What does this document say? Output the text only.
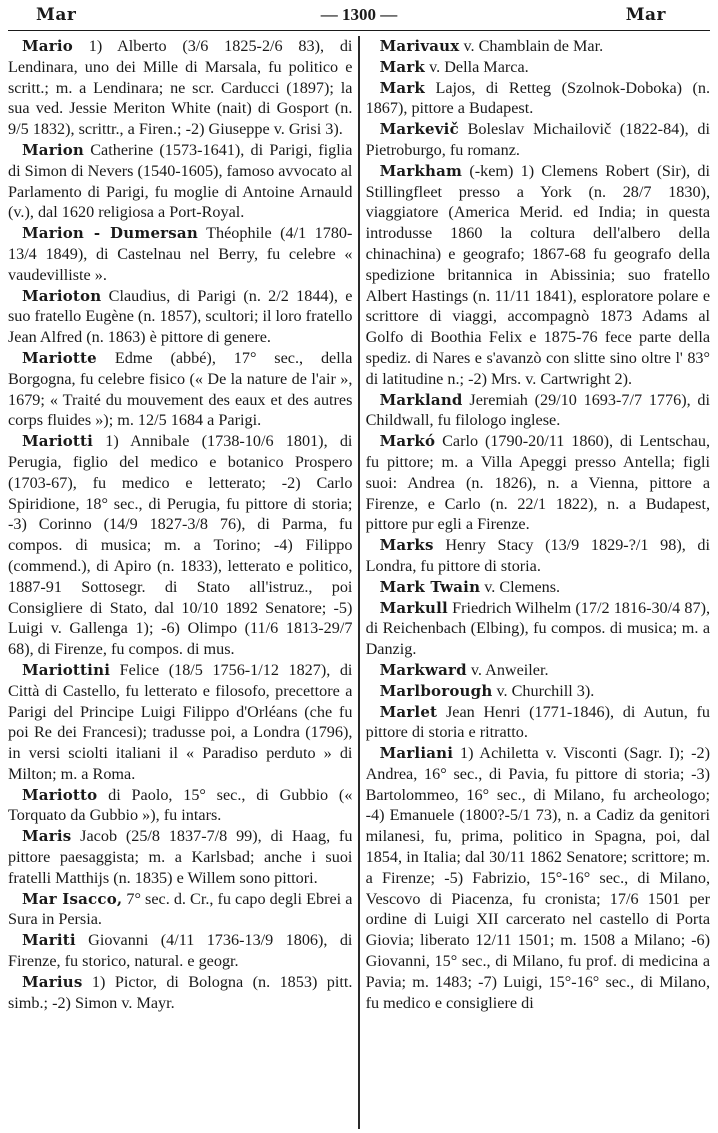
Mar	— 1300 —	Mar

Mario 1) Alberto (3/6 1825-2/6 83), di Lendinara, uno dei Mille di Marsala, fu politico e scritt.; m. a Lendinara; ne scr. Carducci (1897); la sua ved. Jessie Meriton White (nait) di Gosport (n. 9/5 1832), scrittr., a Firen.; -2) Giuseppe v. Grisi 3).

Marion Catherine (1573-1641), di Parigi, figlia di Simon di Nevers (1540-1605), famoso avvocato al Parlamento di Parigi, fu moglie di Antoine Arnauld (v.), dal 1620 religiosa a Port-Royal.

Marion - Dumersan Théophile (4/1 1780-13/4 1849), di Castelnau nel Berry, fu celebre « vaudevilliste ».

Marioton Claudius, di Parigi (n. 2/2 1844), e suo fratello Eugène (n. 1857), scultori; il loro fratello Jean Alfred (n. 1863) è pittore di genere.

Mariotte Edme (abbé), 17° sec., della Borgogna, fu celebre fisico (« De la nature de l'air », 1679; « Traité du mouvement des eaux et des autres corps fluides »); m. 12/5 1684 a Parigi.

Mariotti 1) Annibale (1738-10/6 1801), di Perugia, figlio del medico e botanico Prospero (1703-67), fu medico e letterato; -2) Carlo Spiridione, 18° sec., di Perugia, fu pittore di storia; -3) Corinno (14/9 1827-3/8 76), di Parma, fu compos. di musica; m. a Torino; -4) Filippo (commend.), di Apiro (n. 1833), letterato e politico, 1887-91 Sottosegr. di Stato all'istruz., poi Consigliere di Stato, dal 10/10 1892 Senatore; -5) Luigi v. Gallenga 1); -6) Olimpo (11/6 1813-29/7 68), di Firenze, fu compos. di mus.

Mariottini Felice (18/5 1756-1/12 1827), di Città di Castello, fu letterato e filosofo, precettore a Parigi del Principe Luigi Filippo d'Orléans (che fu poi Re dei Francesi); tradusse poi, a Londra (1796), in versi sciolti italiani il « Paradiso perduto » di Milton; m. a Roma.

Mariotto di Paolo, 15° sec., di Gubbio (« Torquato da Gubbio »), fu intars.

Maris Jacob (25/8 1837-7/8 99), di Haag, fu pittore paesaggista; m. a Karlsbad; anche i suoi fratelli Matthijs (n. 1835) e Willem sono pittori.

Mar Isacco, 7° sec. d. Cr., fu capo degli Ebrei a Sura in Persia.

Mariti Giovanni (4/11 1736-13/9 1806), di Firenze, fu storico, natural. e geogr.

Marius 1) Pictor, di Bologna (n. 1853) pitt. simb.; -2) Simon v. Mayr.

Marivaux v. Chamblain de Mar.

Mark v. Della Marca.

Mark Lajos, di Retteg (Szolnok-Doboka) (n. 1867), pittore a Budapest.

Markevič Boleslav Michailovič (1822-84), di Pietroburgo, fu romanz.

Markham (-kem) 1) Clemens Robert (Sir), di Stillingfleet presso a York (n. 28/7 1830), viaggiatore (America Merid. ed India; in questa introdusse 1860 la coltura dell'albero della chinachina) e geografo; 1867-68 fu geografo della spedizione britannica in Abissinia; suo fratello Albert Hastings (n. 11/11 1841), esploratore polare e scrittore di viaggi, accompagnò 1873 Adams al Golfo di Boothia Felix e 1875-76 fece parte della spediz. di Nares e s'avanzò con slitte sino oltre l' 83° di latitudine n.; -2) Mrs. v. Cartwright 2).

Markland Jeremiah (29/10 1693-7/7 1776), di Childwall, fu filologo inglese.

Markó Carlo (1790-20/11 1860), di Lentschau, fu pittore; m. a Villa Apeggi presso Antella; figli suoi: Andrea (n. 1826), n. a Vienna, pittore a Firenze, e Carlo (n. 22/1 1822), n. a Budapest, pittore pur egli a Firenze.

Marks Henry Stacy (13/9 1829-?/1 98), di Londra, fu pittore di storia.

Mark Twain v. Clemens.

Markull Friedrich Wilhelm (17/2 1816-30/4 87), di Reichenbach (Elbing), fu compos. di musica; m. a Danzig.

Markward v. Anweiler.

Marlborough v. Churchill 3).

Marlet Jean Henri (1771-1846), di Autun, fu pittore di storia e ritratto.

Marliani 1) Achiletta v. Visconti (Sagr. I); -2) Andrea, 16° sec., di Pavia, fu pittore di storia; -3) Bartolommeo, 16° sec., di Milano, fu archeologo; -4) Emanuele (1800?-5/1 73), n. a Cadiz da genitori milanesi, fu, prima, politico in Spagna, poi, dal 1854, in Italia; dal 30/11 1862 Senatore; scrittore; m. a Firenze; -5) Fabrizio, 15°-16° sec., di Milano, Vescovo di Piacenza, fu cronista; 17/6 1501 per ordine di Luigi XII carcerato nel castello di Porta Giovia; liberato 12/11 1501; m. 1508 a Milano; -6) Giovanni, 15° sec., di Milano, fu prof. di medicina a Pavia; m. 1483; -7) Luigi, 15°-16° sec., di Milano, fu medico e consigliere di
